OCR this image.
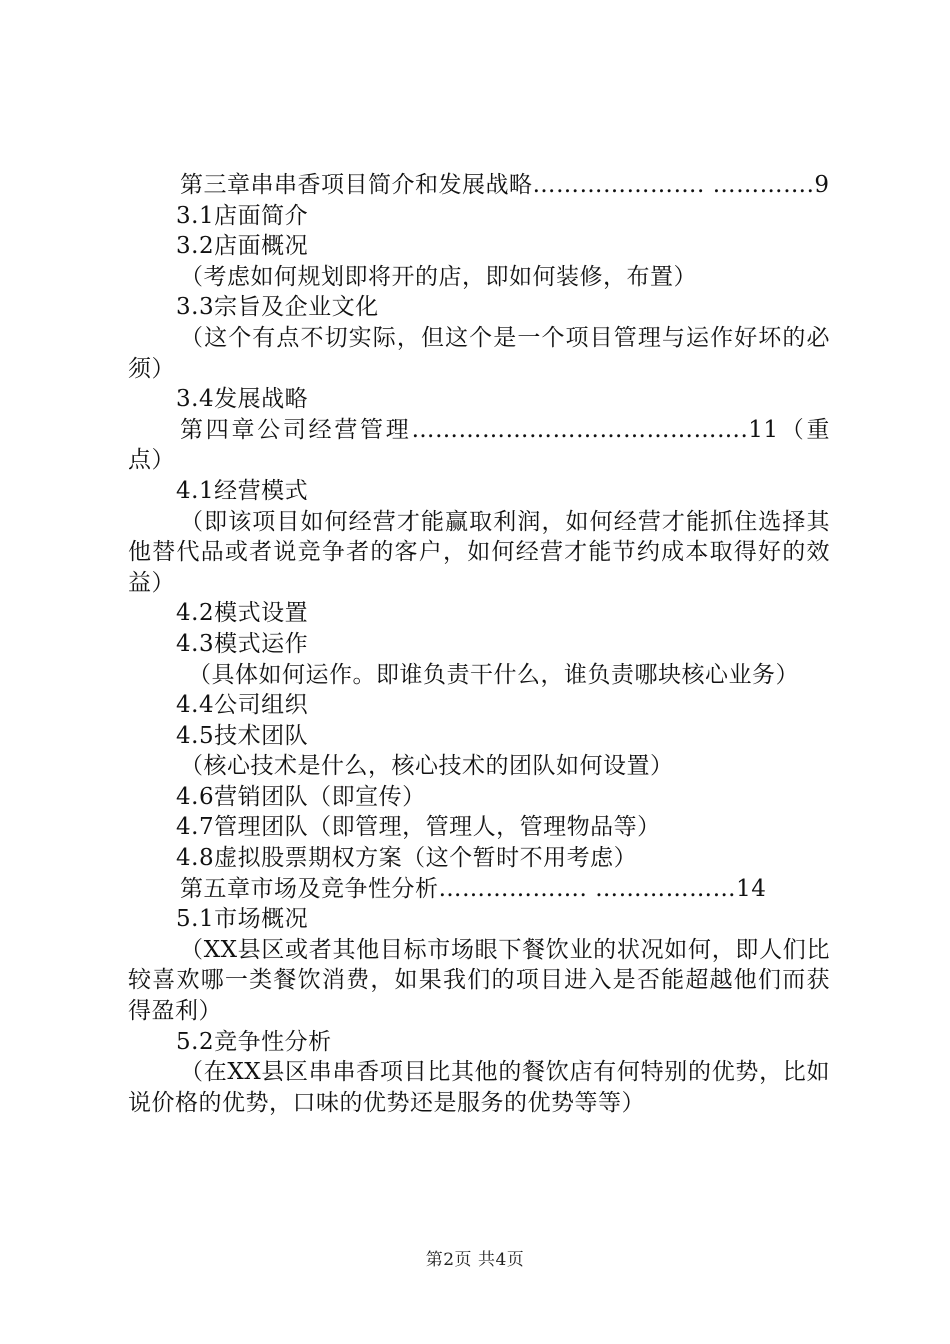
第三章串串香项目简介和发展战略…………………. ………….9

3.1店面简介

3.2店面概况

（考虑如何规划即将开的店，即如何装修，布置）

3.3宗旨及企业文化

（这个有点不切实际，但这个是一个项目管理与运作好坏的必须）

3.4发展战略

第四章公司经营管理…………………………………….11（重点）

4.1经营模式

（即该项目如何经营才能赢取利润，如何经营才能抓住选择其他替代品或者说竞争者的客户，如何经营才能节约成本取得好的效益）

4.2模式设置

4.3模式运作

（具体如何运作。即谁负责干什么，谁负责哪块核心业务）

4.4公司组织

4.5技术团队

（核心技术是什么，核心技术的团队如何设置）

4.6营销团队（即宣传）

4.7管理团队（即管理，管理人，管理物品等）

4.8虚拟股票期权方案（这个暂时不用考虑）

第五章市场及竞争性分析………………. ………………14

5.1市场概况

（XX县区或者其他目标市场眼下餐饮业的状况如何，即人们比较喜欢哪一类餐饮消费，如果我们的项目进入是否能超越他们而获得盈利）

5.2竞争性分析

（在XX县区串串香项目比其他的餐饮店有何特别的优势，比如说价格的优势，口味的优势还是服务的优势等等）

第2页 共4页
